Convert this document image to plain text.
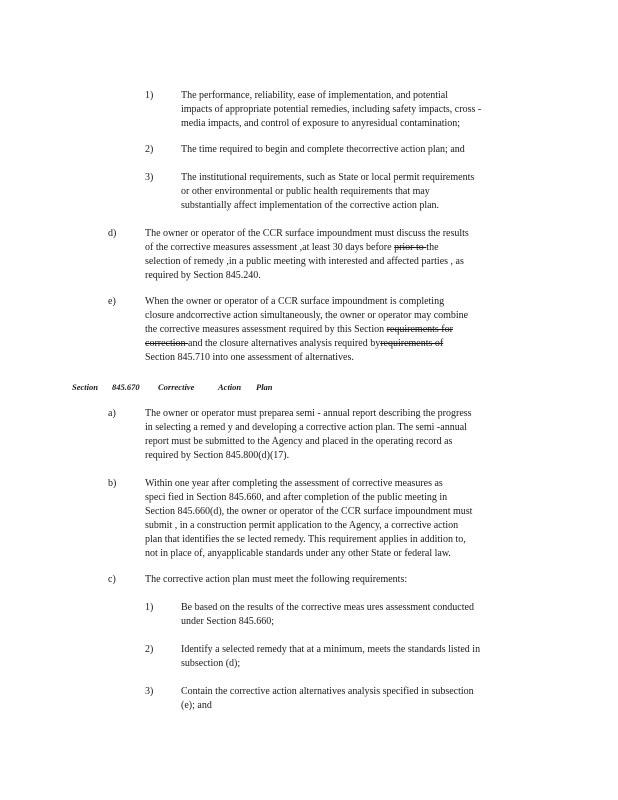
1)	The performance, reliability, ease of implementation, and potential
impacts of appropriate potential remedies, including safety impacts, cross -
media impacts, and control of exposure to anyresidual contamination;
2)	The time required to begin and complete thecorrective action plan; and
3)	The institutional requirements, such as State or local permit requirements
or other environmental or public health requirements that may
substantially affect implementation of the corrective action plan.
d)	The owner or operator of the CCR surface impoundment must discuss the results
of the corrective measures assessment ,at least 30 days before prior to the
selection of remedy ,in a public meeting with interested and affected parties , as
required by Section 845.240.
e)	When the owner or operator of a CCR surface impoundment is completing
closure andcorrective action simultaneously, the owner or operator may combine
the corrective measures assessment required by this Section requirements for
correction and the closure alternatives analysis required byrequirements of
Section 845.710 into one assessment of alternatives.
Section 845.670 Corrective	Action Plan
a)	The owner or operator must preparea semi - annual report describing the progress
in selecting a remed y and developing a corrective action plan. The semi -annual
report must be submitted to the Agency and placed in the operating record as
required by Section 845.800(d)(17).
b)	Within one year after completing the assessment of corrective measures as
speci fied in Section 845.660, and after completion of the public meeting in
Section 845.660(d), the owner or operator of the CCR surface impoundment must
submit , in a construction permit application to the Agency, a corrective action
plan that identifies the se lected remedy. This requirement applies in addition to,
not in place of, anyapplicable standards under any other State or federal law.
c)	The corrective action plan must meet the following requirements:
1)	Be based on the results of the corrective meas ures assessment conducted
under Section 845.660;
2)	Identify a selected remedy that at a minimum, meets the standards listed in
subsection (d);
3)	Contain the corrective action alternatives analysis specified in subsection
(e); and
